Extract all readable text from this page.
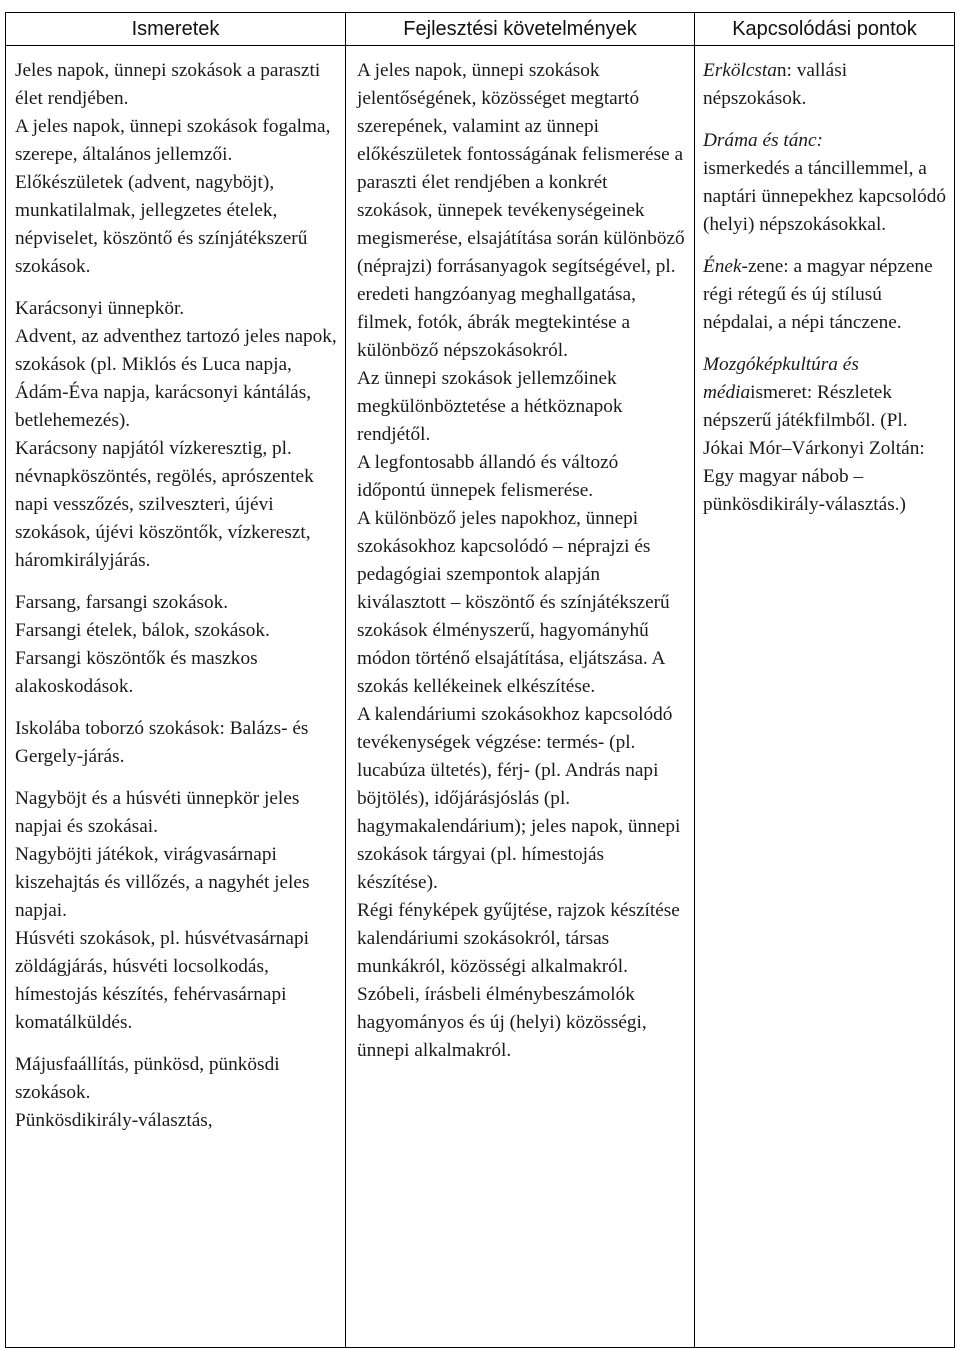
Ismeretek	Fejlesztési követelmények	Kapcsolódási pontok
Jeles napok, ünnepi szokások a paraszti élet rendjében.
A jeles napok, ünnepi szokások fogalma, szerepe, általános jellemzői.
Előkészületek (advent, nagyböjt), munkatilalmak, jellegzetes ételek, népviselet, köszöntő és színjátékszerű szokások.
Karácsonyi ünnepkör.
Advent, az adventhez tartozó jeles napok, szokások (pl. Miklós és Luca napja, Ádám-Éva napja, karácsonyi kántálás, betlehemezés).
Karácsony napjától vízkeresztig, pl. névnapköszöntés, regölés, aprószentek napi vesszőzés, szilveszteri, újévi szokások, újévi köszöntők, vízkereszt, háromkirályjárás.
Farsang, farsangi szokások.
Farsangi ételek, bálok, szokások.
Farsangi köszöntők és maszkos alakoskodások.
Iskolába toborzó szokások: Balázs- és Gergely-járás.
Nagyböjt és a húsvéti ünnepkör jeles napjai és szokásai.
Nagyböjti játékok, virágvasárnapi kiszehajtás és villőzés, a nagyhét jeles napjai.
Húsvéti szokások, pl. húsvétvasárnapi zöldágjárás, húsvéti locsolkodás, hímestojás készítés, fehérvasárnapi komatálküldés.
Májusfaállítás, pünkösd, pünkösdi szokások.
Pünkösdikirály-választás,
A jeles napok, ünnepi szokások jelentőségének, közösséget megtartó szerepének, valamint az ünnepi előkészületek fontosságának felismerése a paraszti élet rendjében a konkrét szokások, ünnepek tevékenységeinek megismerése, elsajátítása során különböző (néprajzi) forrásanyagok segítségével, pl. eredeti hangzóanyag meghallgatása, filmek, fotók, ábrák megtekintése a különböző népszokásokról.
Az ünnepi szokások jellemzőinek megkülönböztetése a hétköznapok rendjétől.
A legfontosabb állandó és változó időpontú ünnepek felismerése.
A különböző jeles napokhoz, ünnepi szokásokhoz kapcsolódó – néprajzi és pedagógiai szempontok alapján kiválasztott – köszöntő és színjátékszerű szokások élményszerű, hagyományhű módon történő elsajátítása, eljátszása. A szokás kellékeinek elkészítése.
A kalendáriumi szokásokhoz kapcsolódó tevékenységek végzése: termés- (pl. lucabúza ültetés), férj- (pl. András napi böjtölés), időjárásjóslás (pl. hagymakalendárium); jeles napok, ünnepi szokások tárgyai (pl. hímestojás készítése).
Régi fényképek gyűjtése, rajzok készítése kalendáriumi szokásokról, társas munkákról, közösségi alkalmakról.
Szóbeli, írásbeli élménybeszámolók hagyományos és új (helyi) közösségi, ünnepi alkalmakról.
Erkölcstan: vallási népszokások.
Dráma és tánc:
ismerkedés a táncillemmel, a naptári ünnepekhez kapcsolódó (helyi) népszokásokkal.
Ének-zene: a magyar népzene régi rétegű és új stílusú népdalai, a népi tánczene.
Mozgóképkultúra és
médiaismeret: Részletek népszerű játékfilmből. (Pl. Jókai Mór–Várkonyi Zoltán: Egy magyar nábob – pünkösdikirály-választás.)
